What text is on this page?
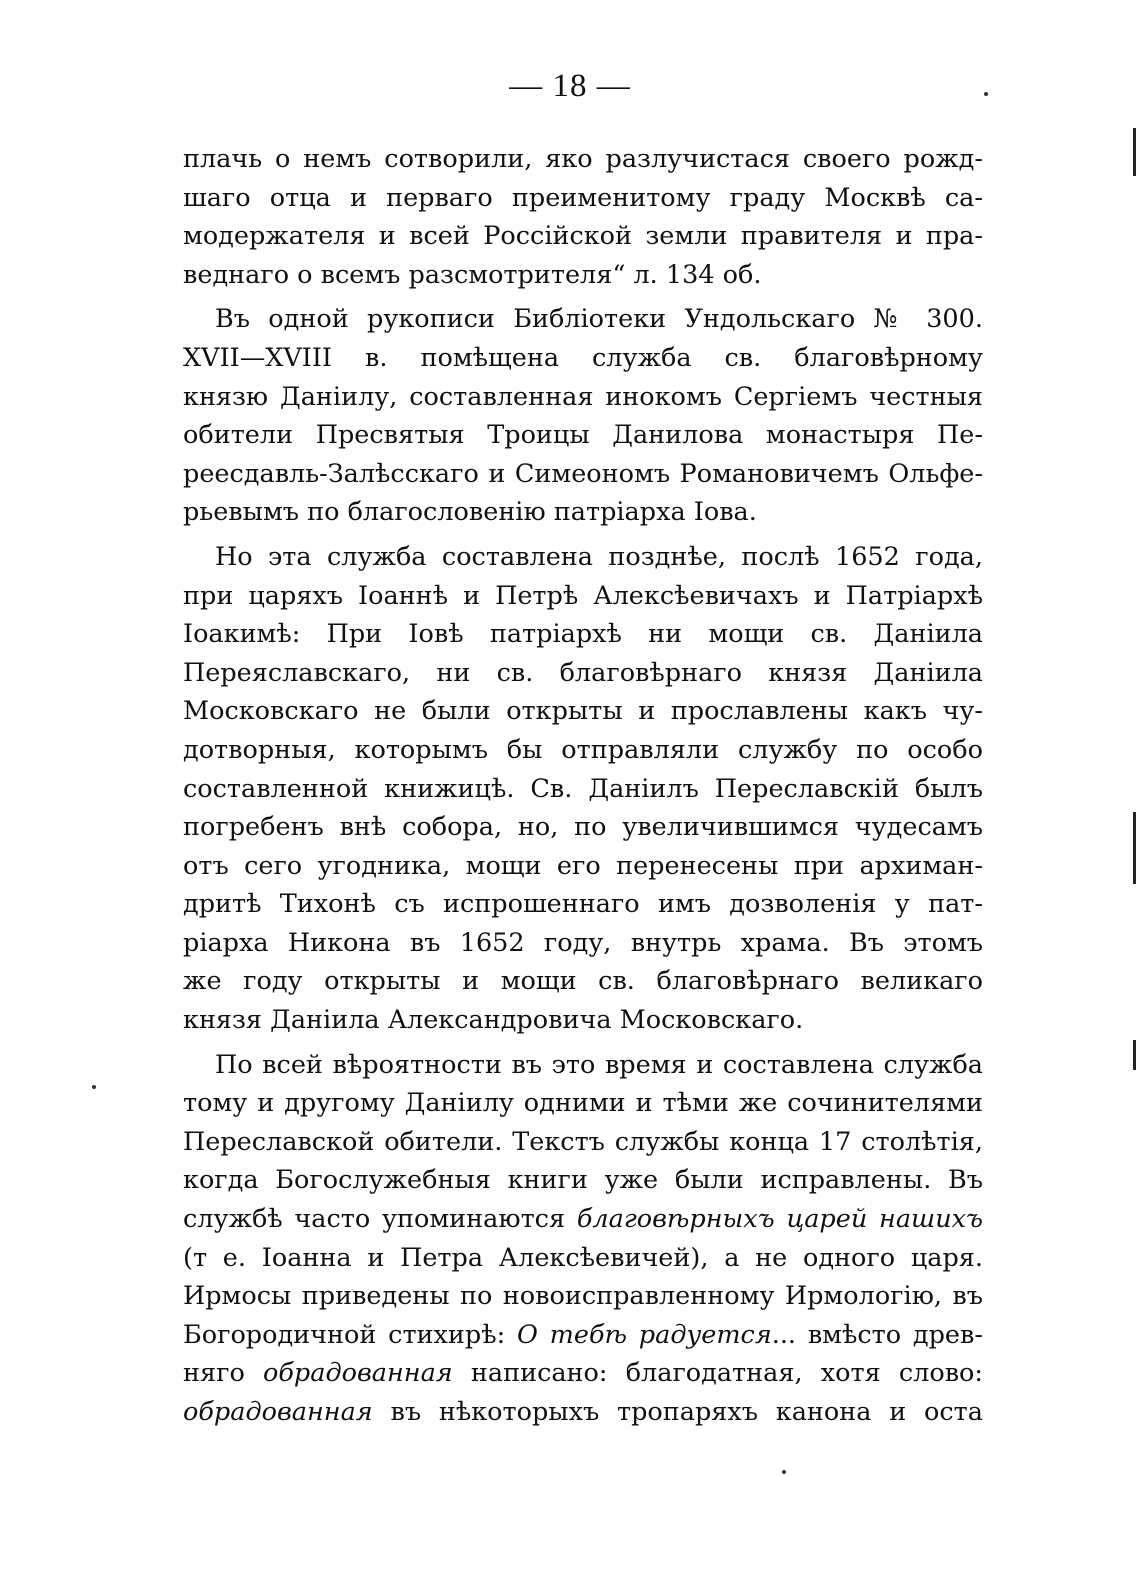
— 18 —
плачь о немъ сотворили, яко разлучистася своего рожд-
шаго отца и перваго преименитому граду Москвѣ са-
модержателя и всей Россiйской земли правителя и пра-
веднаго о всемъ разсмотрителя“ л. 134 об.
Въ одной рукописи Библiотеки Ундольскаго № 300.
XVII—XVIII в. помѣщена служба св. благовѣрному
князю Данiилу, составленная инокомъ Сергiемъ честныя
обители Пресвятыя Троицы Данилова монастыря Пе-
реесдавль-Залѣсскаго и Симеономъ Романовичемъ Ольфе-
рьевымъ по благословенiю патрiарха Iова.
Но эта служба составлена позднѣе, послѣ 1652 года,
при царяхъ Iоаннѣ и Петрѣ Алексѣевичахъ и Патрiархѣ
Iоакимѣ: При Iовѣ патрiархѣ ни мощи св. Данiила
Переяславскаго, ни св. благовѣрнаго князя Данiила
Московскаго не были открыты и прославлены какъ чу-
дотворныя, которымъ бы отправляли службу по особо
составленной книжицѣ. Св. Данiилъ Переславскiй былъ
погребенъ внѣ собора, но, по увеличившимся чудесамъ
отъ сего угодника, мощи его перенесены при архиман-
дритѣ Тихонѣ съ испрошеннаго имъ дозволенiя у пат-
рiарха Никона въ 1652 году, внутрь храма. Въ этомъ
же году открыты и мощи св. благовѣрнаго великаго
князя Данiила Александровича Московскаго.
По всей вѣроятности въ это время и составлена служба
тому и другому Данiилу одними и тѣми же сочинителями
Переславской обители. Текстъ службы конца 17 столѣтiя,
когда Богослужебныя книги уже были исправлены. Въ
службѣ часто упоминаются благовѣрныхъ царей нашихъ
(т е. Iоанна и Петра Алексѣевичей), а не одного царя.
Ирмосы приведены по новоисправленному Ирмологiю, въ
Богородичной стихирѣ: О тебѣ радуется... вмѣсто древ-
няго обрадованная написано: благодатная, хотя слово:
обрадованная въ нѣкоторыхъ тропаряхъ канона и оста
